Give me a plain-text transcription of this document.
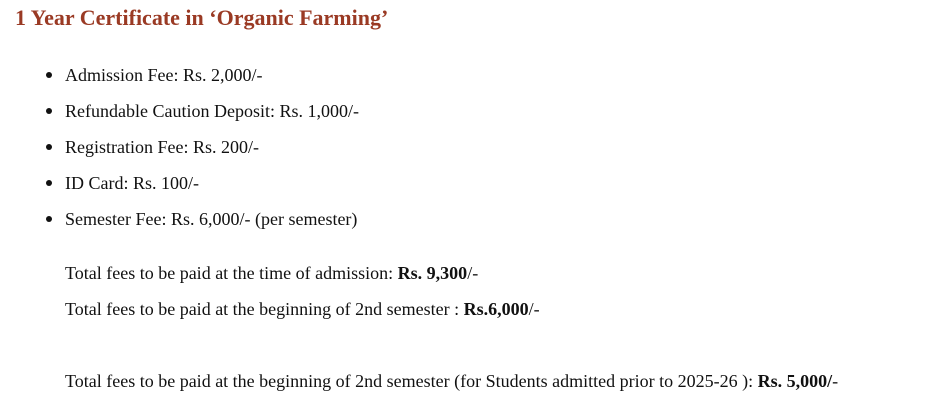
1 Year Certificate in ‘Organic Farming’
Admission Fee: Rs. 2,000/-
Refundable Caution Deposit: Rs. 1,000/-
Registration Fee: Rs. 200/-
ID Card: Rs. 100/-
Semester Fee: Rs. 6,000/- (per semester)

Total fees to be paid at the time of admission: Rs. 9,300/-

Total fees to be paid at the beginning of 2nd semester : Rs.6,000/-

Total fees to be paid at the beginning of 2nd semester (for Students admitted prior to 2025-26 ): Rs. 5,000/-
